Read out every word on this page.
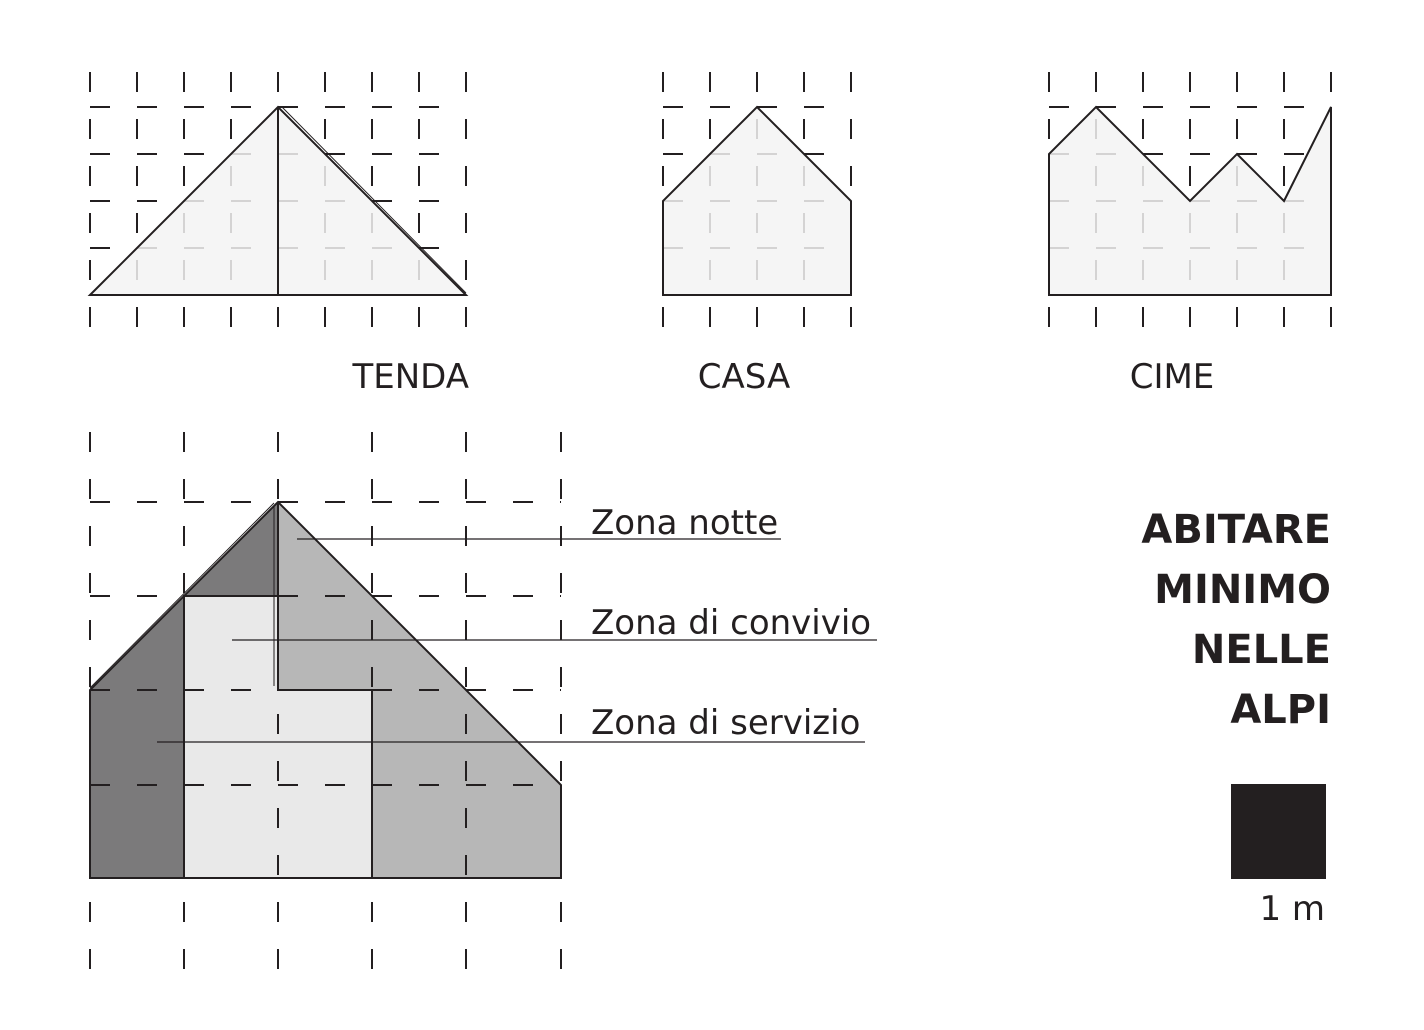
TENDA	CASA	CIME
Zona notte
Zona di convivio
Zona di servizio
ABITARE
MINIMO
NELLE
ALPI
1 m
